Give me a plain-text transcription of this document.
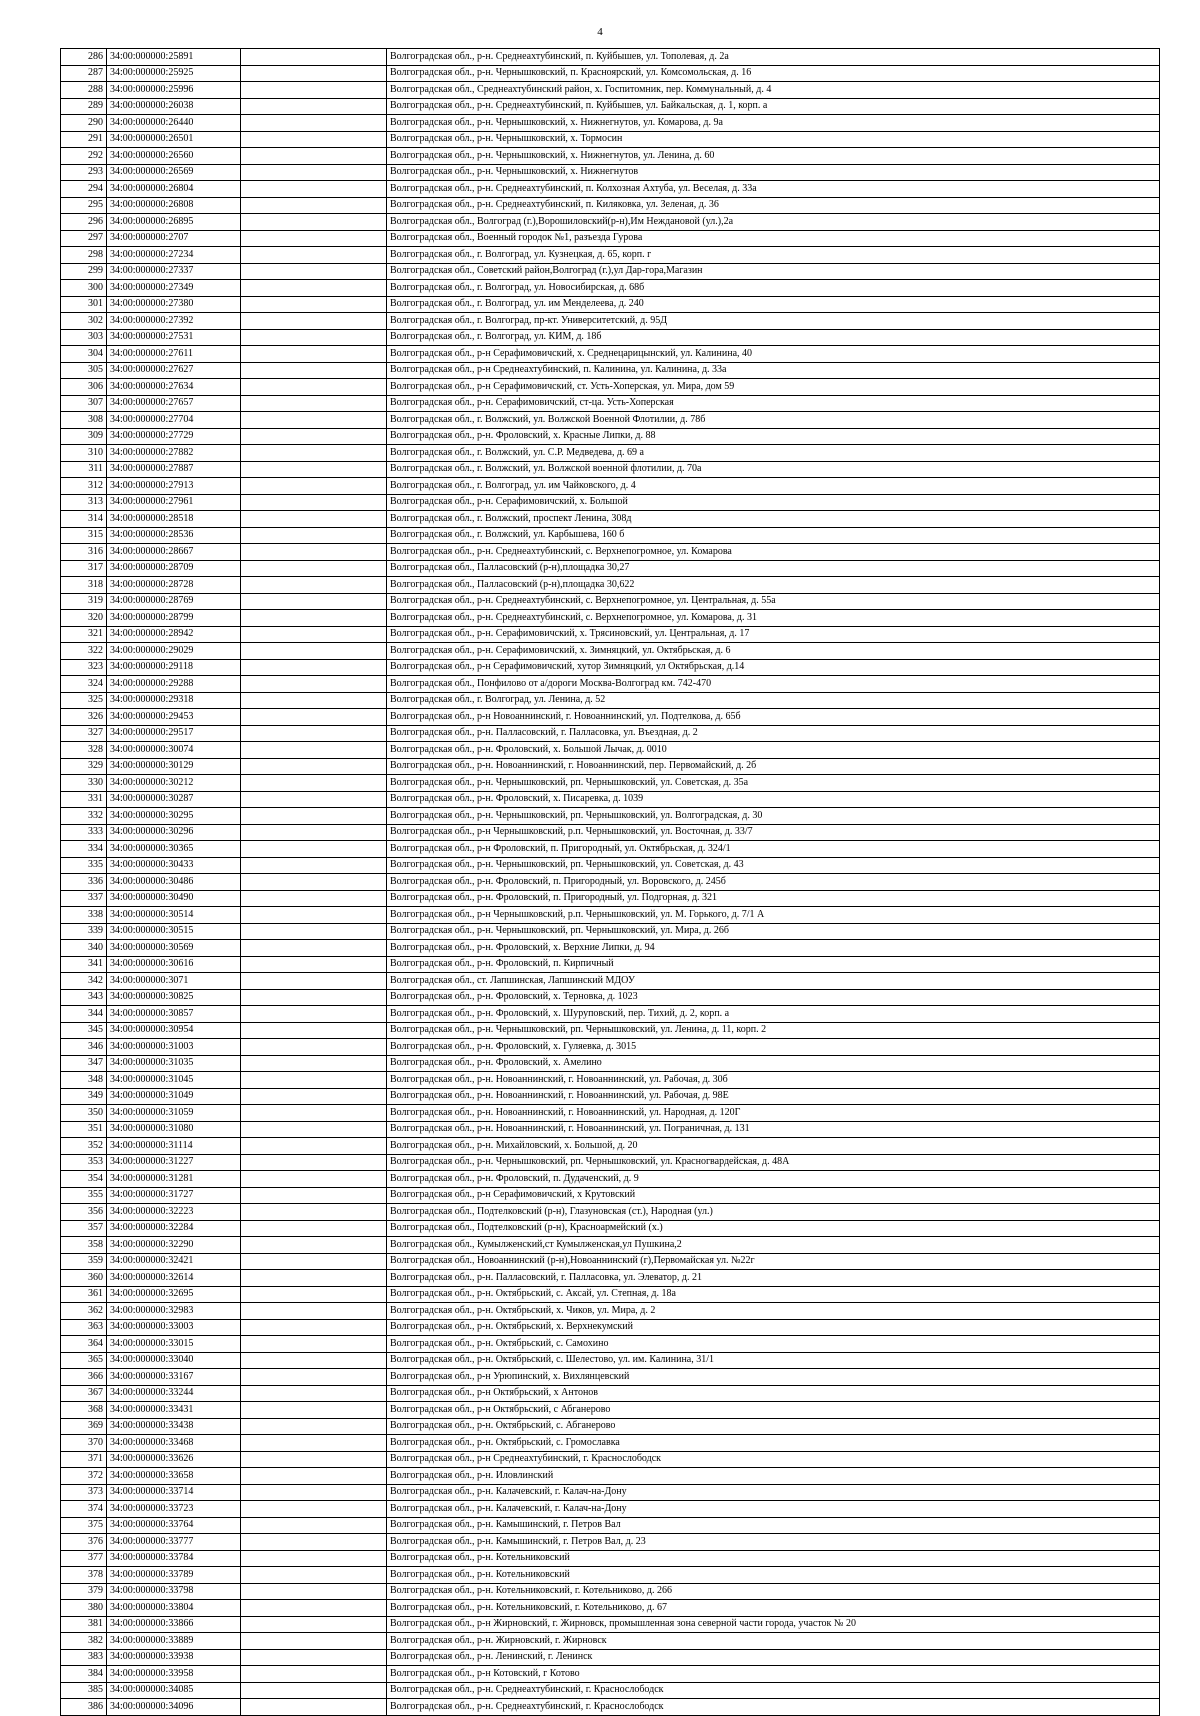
4
286	34:00:000000:25891		Волгоградская обл., р-н. Среднеахтубинский, п. Куйбышев, ул. Тополевая, д. 2а
287	34:00:000000:25925		Волгоградская обл., р-н. Чернышковский, п. Красноярский, ул. Комсомольская, д. 16
288	34:00:000000:25996		Волгоградская обл., Среднеахтубинский район, х. Госпитомник, пер. Коммунальный, д. 4
289	34:00:000000:26038		Волгоградская обл., р-н. Среднеахтубинский, п. Куйбышев, ул. Байкальская, д. 1, корп. а
290	34:00:000000:26440		Волгоградская обл., р-н. Чернышковский, х. Нижнегнутов, ул. Комарова, д. 9а
291	34:00:000000:26501		Волгоградская обл., р-н. Чернышковский, х. Тормосин
292	34:00:000000:26560		Волгоградская обл., р-н. Чернышковский, х. Нижнегнутов, ул. Ленина, д. 60
293	34:00:000000:26569		Волгоградская обл., р-н. Чернышковский, х. Нижнегнутов
294	34:00:000000:26804		Волгоградская обл., р-н. Среднеахтубинский, п. Колхозная Ахтуба, ул. Веселая, д. 33а
295	34:00:000000:26808		Волгоградская обл., р-н. Среднеахтубинский, п. Киляковка, ул. Зеленая, д. 36
296	34:00:000000:26895		Волгоградская обл., Волгоград (г.),Ворошиловский(р-н),Им Неждановой (ул.),2а
297	34:00:000000:2707		Волгоградская обл., Военный городок №1, разъезда Гурова
298	34:00:000000:27234		Волгоградская обл., г. Волгоград, ул. Кузнецкая, д. 65, корп. г
299	34:00:000000:27337		Волгоградская обл., Советский район,Волгоград (г.),ул Дар-гора,Магазин
300	34:00:000000:27349		Волгоградская обл., г. Волгоград, ул. Новосибирская, д. 68б
301	34:00:000000:27380		Волгоградская обл., г. Волгоград, ул. им Менделеева, д. 240
302	34:00:000000:27392		Волгоградская обл., г. Волгоград, пр-кт. Университетский, д. 95Д
303	34:00:000000:27531		Волгоградская обл., г. Волгоград, ул. КИМ, д. 18б
304	34:00:000000:27611		Волгоградская обл., р-н Серафимовичский, х. Среднецарицынский, ул. Калинина, 40
305	34:00:000000:27627		Волгоградская обл., р-н Среднеахтубинский, п. Калинина, ул. Калинина, д. 33а
306	34:00:000000:27634		Волгоградская обл., р-н Серафимовичский, ст. Усть-Хоперская, ул. Мира, дом 59
307	34:00:000000:27657		Волгоградская обл., р-н. Серафимовичский, ст-ца. Усть-Хоперская
308	34:00:000000:27704		Волгоградская обл., г. Волжский, ул. Волжской Военной Флотилии, д. 78б
309	34:00:000000:27729		Волгоградская обл., р-н. Фроловский, х. Красные Липки, д. 88
310	34:00:000000:27882		Волгоградская обл., г. Волжский, ул. С.Р. Медведева, д. 69 а
311	34:00:000000:27887		Волгоградская обл., г. Волжский, ул. Волжской военной флотилии, д. 70а
312	34:00:000000:27913		Волгоградская обл., г. Волгоград, ул. им Чайковского, д. 4
313	34:00:000000:27961		Волгоградская обл., р-н. Серафимовичский, х. Большой
314	34:00:000000:28518		Волгоградская обл., г. Волжский, проспект Ленина, 308д
315	34:00:000000:28536		Волгоградская обл., г. Волжский, ул. Карбышева, 160 б
316	34:00:000000:28667		Волгоградская обл., р-н. Среднеахтубинский, с. Верхнепогромное, ул. Комарова
317	34:00:000000:28709		Волгоградская обл., Палласовский (р-н),площадка 30,27
318	34:00:000000:28728		Волгоградская обл., Палласовский (р-н),площадка 30,622
319	34:00:000000:28769		Волгоградская обл., р-н. Среднеахтубинский, с. Верхнепогромное, ул. Центральная, д. 55а
320	34:00:000000:28799		Волгоградская обл., р-н. Среднеахтубинский, с. Верхнепогромное, ул. Комарова, д. 31
321	34:00:000000:28942		Волгоградская обл., р-н. Серафимовичский, х. Трясиновский, ул. Центральная, д. 17
322	34:00:000000:29029		Волгоградская обл., р-н. Серафимовичский, х. Зимняцкий, ул. Октябрьская, д. 6
323	34:00:000000:29118		Волгоградская обл., р-н Серафимовичский, хутор Зимняцкий, ул Октябрьская, д.14
324	34:00:000000:29288		Волгоградская обл., Понфилово от а/дороги Москва-Волгоград км. 742-470
325	34:00:000000:29318		Волгоградская обл., г. Волгоград, ул. Ленина, д. 52
326	34:00:000000:29453		Волгоградская обл., р-н Новоаннинский, г. Новоаннинский, ул. Подтелкова, д. 65б
327	34:00:000000:29517		Волгоградская обл., р-н. Палласовский, г. Палласовка, ул. Въездная, д. 2
328	34:00:000000:30074		Волгоградская обл., р-н. Фроловский, х. Большой Лычак, д. 0010
329	34:00:000000:30129		Волгоградская обл., р-н. Новоаннинский, г. Новоаннинский, пер. Первомайский, д. 2б
330	34:00:000000:30212		Волгоградская обл., р-н. Чернышковский, рп. Чернышковский, ул. Советская, д. 35а
331	34:00:000000:30287		Волгоградская обл., р-н. Фроловский, х. Писаревка, д. 1039
332	34:00:000000:30295		Волгоградская обл., р-н. Чернышковский, рп. Чернышковский, ул. Волгоградская, д. 30
333	34:00:000000:30296		Волгоградская обл., р-н Чернышковский, р.п. Чернышковский, ул. Восточная, д. 33/7
334	34:00:000000:30365		Волгоградская обл., р-н Фроловский, п. Пригородный, ул. Октябрьская, д. 324/1
335	34:00:000000:30433		Волгоградская обл., р-н. Чернышковский, рп. Чернышковский, ул. Советская, д. 43
336	34:00:000000:30486		Волгоградская обл., р-н. Фроловский, п. Пригородный, ул. Воровского, д. 245б
337	34:00:000000:30490		Волгоградская обл., р-н. Фроловский, п. Пригородный, ул. Подгорная, д. 321
338	34:00:000000:30514		Волгоградская обл., р-н Чернышковский, р.п. Чернышковский, ул. М. Горького, д. 7/1 А
339	34:00:000000:30515		Волгоградская обл., р-н. Чернышковский, рп. Чернышковский, ул. Мира, д. 26б
340	34:00:000000:30569		Волгоградская обл., р-н. Фроловский, х. Верхние Липки, д. 94
341	34:00:000000:30616		Волгоградская обл., р-н. Фроловский, п. Кирпичный
342	34:00:000000:3071		Волгоградская обл., ст. Лапшинская, Лапшинский МДОУ
343	34:00:000000:30825		Волгоградская обл., р-н. Фроловский, х. Терновка, д. 1023
344	34:00:000000:30857		Волгоградская обл., р-н. Фроловский, х. Шуруповский, пер. Тихий, д. 2, корп. а
345	34:00:000000:30954		Волгоградская обл., р-н. Чернышковский, рп. Чернышковский, ул. Ленина, д. 11, корп. 2
346	34:00:000000:31003		Волгоградская обл., р-н. Фроловский, х. Гуляевка, д. 3015
347	34:00:000000:31035		Волгоградская обл., р-н. Фроловский, х. Амелино
348	34:00:000000:31045		Волгоградская обл., р-н. Новоаннинский, г. Новоаннинский, ул. Рабочая, д. 30б
349	34:00:000000:31049		Волгоградская обл., р-н. Новоаннинский, г. Новоаннинский, ул. Рабочая, д. 98Е
350	34:00:000000:31059		Волгоградская обл., р-н. Новоаннинский, г. Новоаннинский, ул. Народная, д. 120Г
351	34:00:000000:31080		Волгоградская обл., р-н. Новоаннинский, г. Новоаннинский, ул. Пограничная, д. 131
352	34:00:000000:31114		Волгоградская обл., р-н. Михайловский, х. Большой, д. 20
353	34:00:000000:31227		Волгоградская обл., р-н. Чернышковский, рп. Чернышковский, ул. Красногвардейская, д. 48А
354	34:00:000000:31281		Волгоградская обл., р-н. Фроловский, п. Дудаченский, д. 9
355	34:00:000000:31727		Волгоградская обл., р-н Серафимовичский, х Крутовский
356	34:00:000000:32223		Волгоградская обл., Подтелковский (р-н), Глазуновская (ст.), Народная (ул.)
357	34:00:000000:32284		Волгоградская обл., Подтелковский (р-н), Красноармейский (х.)
358	34:00:000000:32290		Волгоградская обл., Кумылженский,ст Кумылженская,ул Пушкина,2
359	34:00:000000:32421		Волгоградская обл., Новоаннинский (р-н),Новоаннинский (г),Первомайская ул. №22г
360	34:00:000000:32614		Волгоградская обл., р-н. Палласовский, г. Палласовка, ул. Элеватор, д. 21
361	34:00:000000:32695		Волгоградская обл., р-н. Октябрьский, с. Аксай, ул. Степная, д. 18а
362	34:00:000000:32983		Волгоградская обл., р-н. Октябрьский, х. Чиков, ул. Мира, д. 2
363	34:00:000000:33003		Волгоградская обл., р-н. Октябрьский, х. Верхнекумский
364	34:00:000000:33015		Волгоградская обл., р-н. Октябрьский, с. Самохино
365	34:00:000000:33040		Волгоградская обл., р-н. Октябрьский, с. Шелестово, ул. им. Калинина, 31/1
366	34:00:000000:33167		Волгоградская обл., р-н Урюпинский, х. Вихлянцевский
367	34:00:000000:33244		Волгоградская обл., р-н Октябрьский, х Антонов
368	34:00:000000:33431		Волгоградская обл., р-н Октябрьский, с Абганерово
369	34:00:000000:33438		Волгоградская обл., р-н. Октябрьский, с. Абганерово
370	34:00:000000:33468		Волгоградская обл., р-н. Октябрьский, с. Громославка
371	34:00:000000:33626		Волгоградская обл., р-н Среднеахтубинский, г. Краснослободск
372	34:00:000000:33658		Волгоградская обл., р-н. Иловлинский
373	34:00:000000:33714		Волгоградская обл., р-н. Калачевский, г. Калач-на-Дону
374	34:00:000000:33723		Волгоградская обл., р-н. Калачевский, г. Калач-на-Дону
375	34:00:000000:33764		Волгоградская обл., р-н. Камышинский, г. Петров Вал
376	34:00:000000:33777		Волгоградская обл., р-н. Камышинский, г. Петров Вал, д. 23
377	34:00:000000:33784		Волгоградская обл., р-н. Котельниковский
378	34:00:000000:33789		Волгоградская обл., р-н. Котельниковский
379	34:00:000000:33798		Волгоградская обл., р-н. Котельниковский, г. Котельниково, д. 266
380	34:00:000000:33804		Волгоградская обл., р-н. Котельниковский, г. Котельниково, д. 67
381	34:00:000000:33866		Волгоградская обл., р-н Жирновский, г. Жирновск, промышленная зона северной части города, участок № 20
382	34:00:000000:33889		Волгоградская обл., р-н. Жирновский, г. Жирновск
383	34:00:000000:33938		Волгоградская обл., р-н. Ленинский, г. Ленинск
384	34:00:000000:33958		Волгоградская обл., р-н Котовский, г Котово
385	34:00:000000:34085		Волгоградская обл., р-н. Среднеахтубинский, г. Краснослободск
386	34:00:000000:34096		Волгоградская обл., р-н. Среднеахтубинский, г. Краснослободск
